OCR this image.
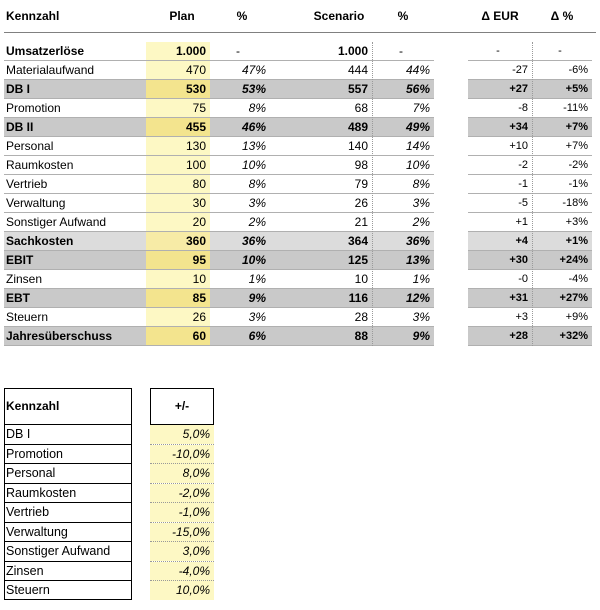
Kennzahl	Plan	%	Scenario	%	Δ EUR	Δ %
Umsatzerlöse	1.000	-	1.000	-	-	-
Materialaufwand	470	47%	444	44%	-27	-6%
DB I	530	53%	557	56%	+27	+5%
Promotion	75	8%	68	7%	-8	-11%
DB II	455	46%	489	49%	+34	+7%
Personal	130	13%	140	14%	+10	+7%
Raumkosten	100	10%	98	10%	-2	-2%
Vertrieb	80	8%	79	8%	-1	-1%
Verwaltung	30	3%	26	3%	-5	-18%
Sonstiger Aufwand	20	2%	21	2%	+1	+3%
Sachkosten	360	36%	364	36%	+4	+1%
EBIT	95	10%	125	13%	+30	+24%
Zinsen	10	1%	10	1%	-0	-4%
EBT	85	9%	116	12%	+31	+27%
Steuern	26	3%	28	3%	+3	+9%
Jahresüberschuss	60	6%	88	9%	+28	+32%
Kennzahl	+/-
DB I	5,0%
Promotion	-10,0%
Personal	8,0%
Raumkosten	-2,0%
Vertrieb	-1,0%
Verwaltung	-15,0%
Sonstiger Aufwand	3,0%
Zinsen	-4,0%
Steuern	10,0%
